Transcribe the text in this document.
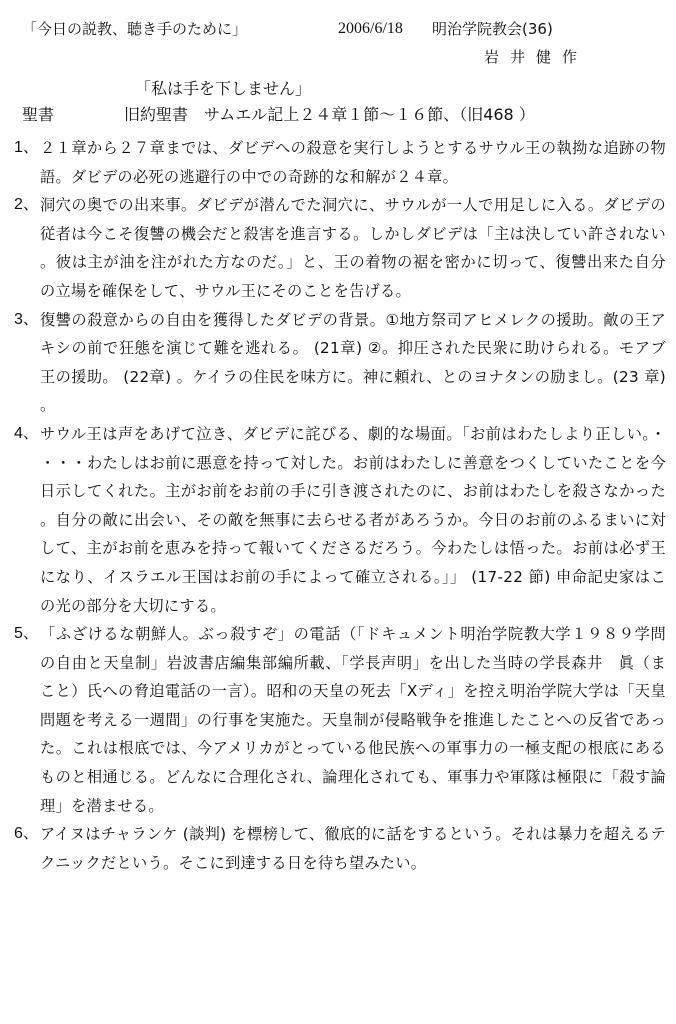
「今日の説教、聴き手のために」	2006/6/18 明治学院教会(36)
岩井健作
「私は手を下しません」
聖書	旧約聖書　サムエル記上２４章１節～１６節、（旧468 ）
1、 ２１章から２７章までは、ダビデへの殺意を実行しようとするサウル王の執拗な追跡の物語。ダビデの必死の逃避行の中での奇跡的な和解が２４章。
2、 洞穴の奥での出来事。ダビデが潜んでた洞穴に、サウルが一人で用足しに入る。ダビデの従者は今こそ復讐の機会だと殺害を進言する。しかしダビデは「主は決してい許されない。彼は主が油を注がれた方なのだ。」と、王の着物の裾を密かに切って、復讐出来た自分の立場を確保をして、サウル王にそのことを告げる。
3、 復讐の殺意からの自由を獲得したダビデの背景。①地方祭司アヒメレクの援助。敵の王アキシの前で狂態を演じて難を逃れる。 (21章) ②。抑圧された民衆に助けられる。モアブ王の援助。 (22章) 。ケイラの住民を味方に。神に頼れ、とのヨナタンの励まし。(23 章) 。
4、 サウル王は声をあげて泣き、ダビデに詫びる、劇的な場面。「お前はわたしより正しい。・・・・わたしはお前に悪意を持って対した。お前はわたしに善意をつくしていたことを今日示してくれた。主がお前をお前の手に引き渡されたのに、お前はわたしを殺さなかった。自分の敵に出会い、その敵を無事に去らせる者があろうか。今日のお前のふるまいに対して、主がお前を恵みを持って報いてくださるだろう。今わたしは悟った。お前は必ず王になり、イスラエル王国はお前の手によって確立される。」」 (17-22 節) 申命記史家はこの光の部分を大切にする。
5、 「ふざけるな朝鮮人。ぶっ殺すぞ」の電話（「ドキュメント明治学院教大学１９８９学問の自由と天皇制」岩波書店編集部編所載、「学長声明」を出した当時の学長森井　眞（まこと）氏への脅迫電話の一言）。昭和の天皇の死去「Xディ」を控え明治学院大学は「天皇問題を考える一週間」の行事を実施た。天皇制が侵略戦争を推進したことへの反省であった。これは根底では、今アメリカがとっている他民族への軍事力の一極支配の根底にあるものと相通じる。どんなに合理化され、論理化されても、軍事力や軍隊は極限に「殺す論理」を潜ませる。
6、 アイヌはチャランケ (談判) を標榜して、徹底的に話をするという。それは暴力を超えるテクニックだという。そこに到達する日を待ち望みたい。
